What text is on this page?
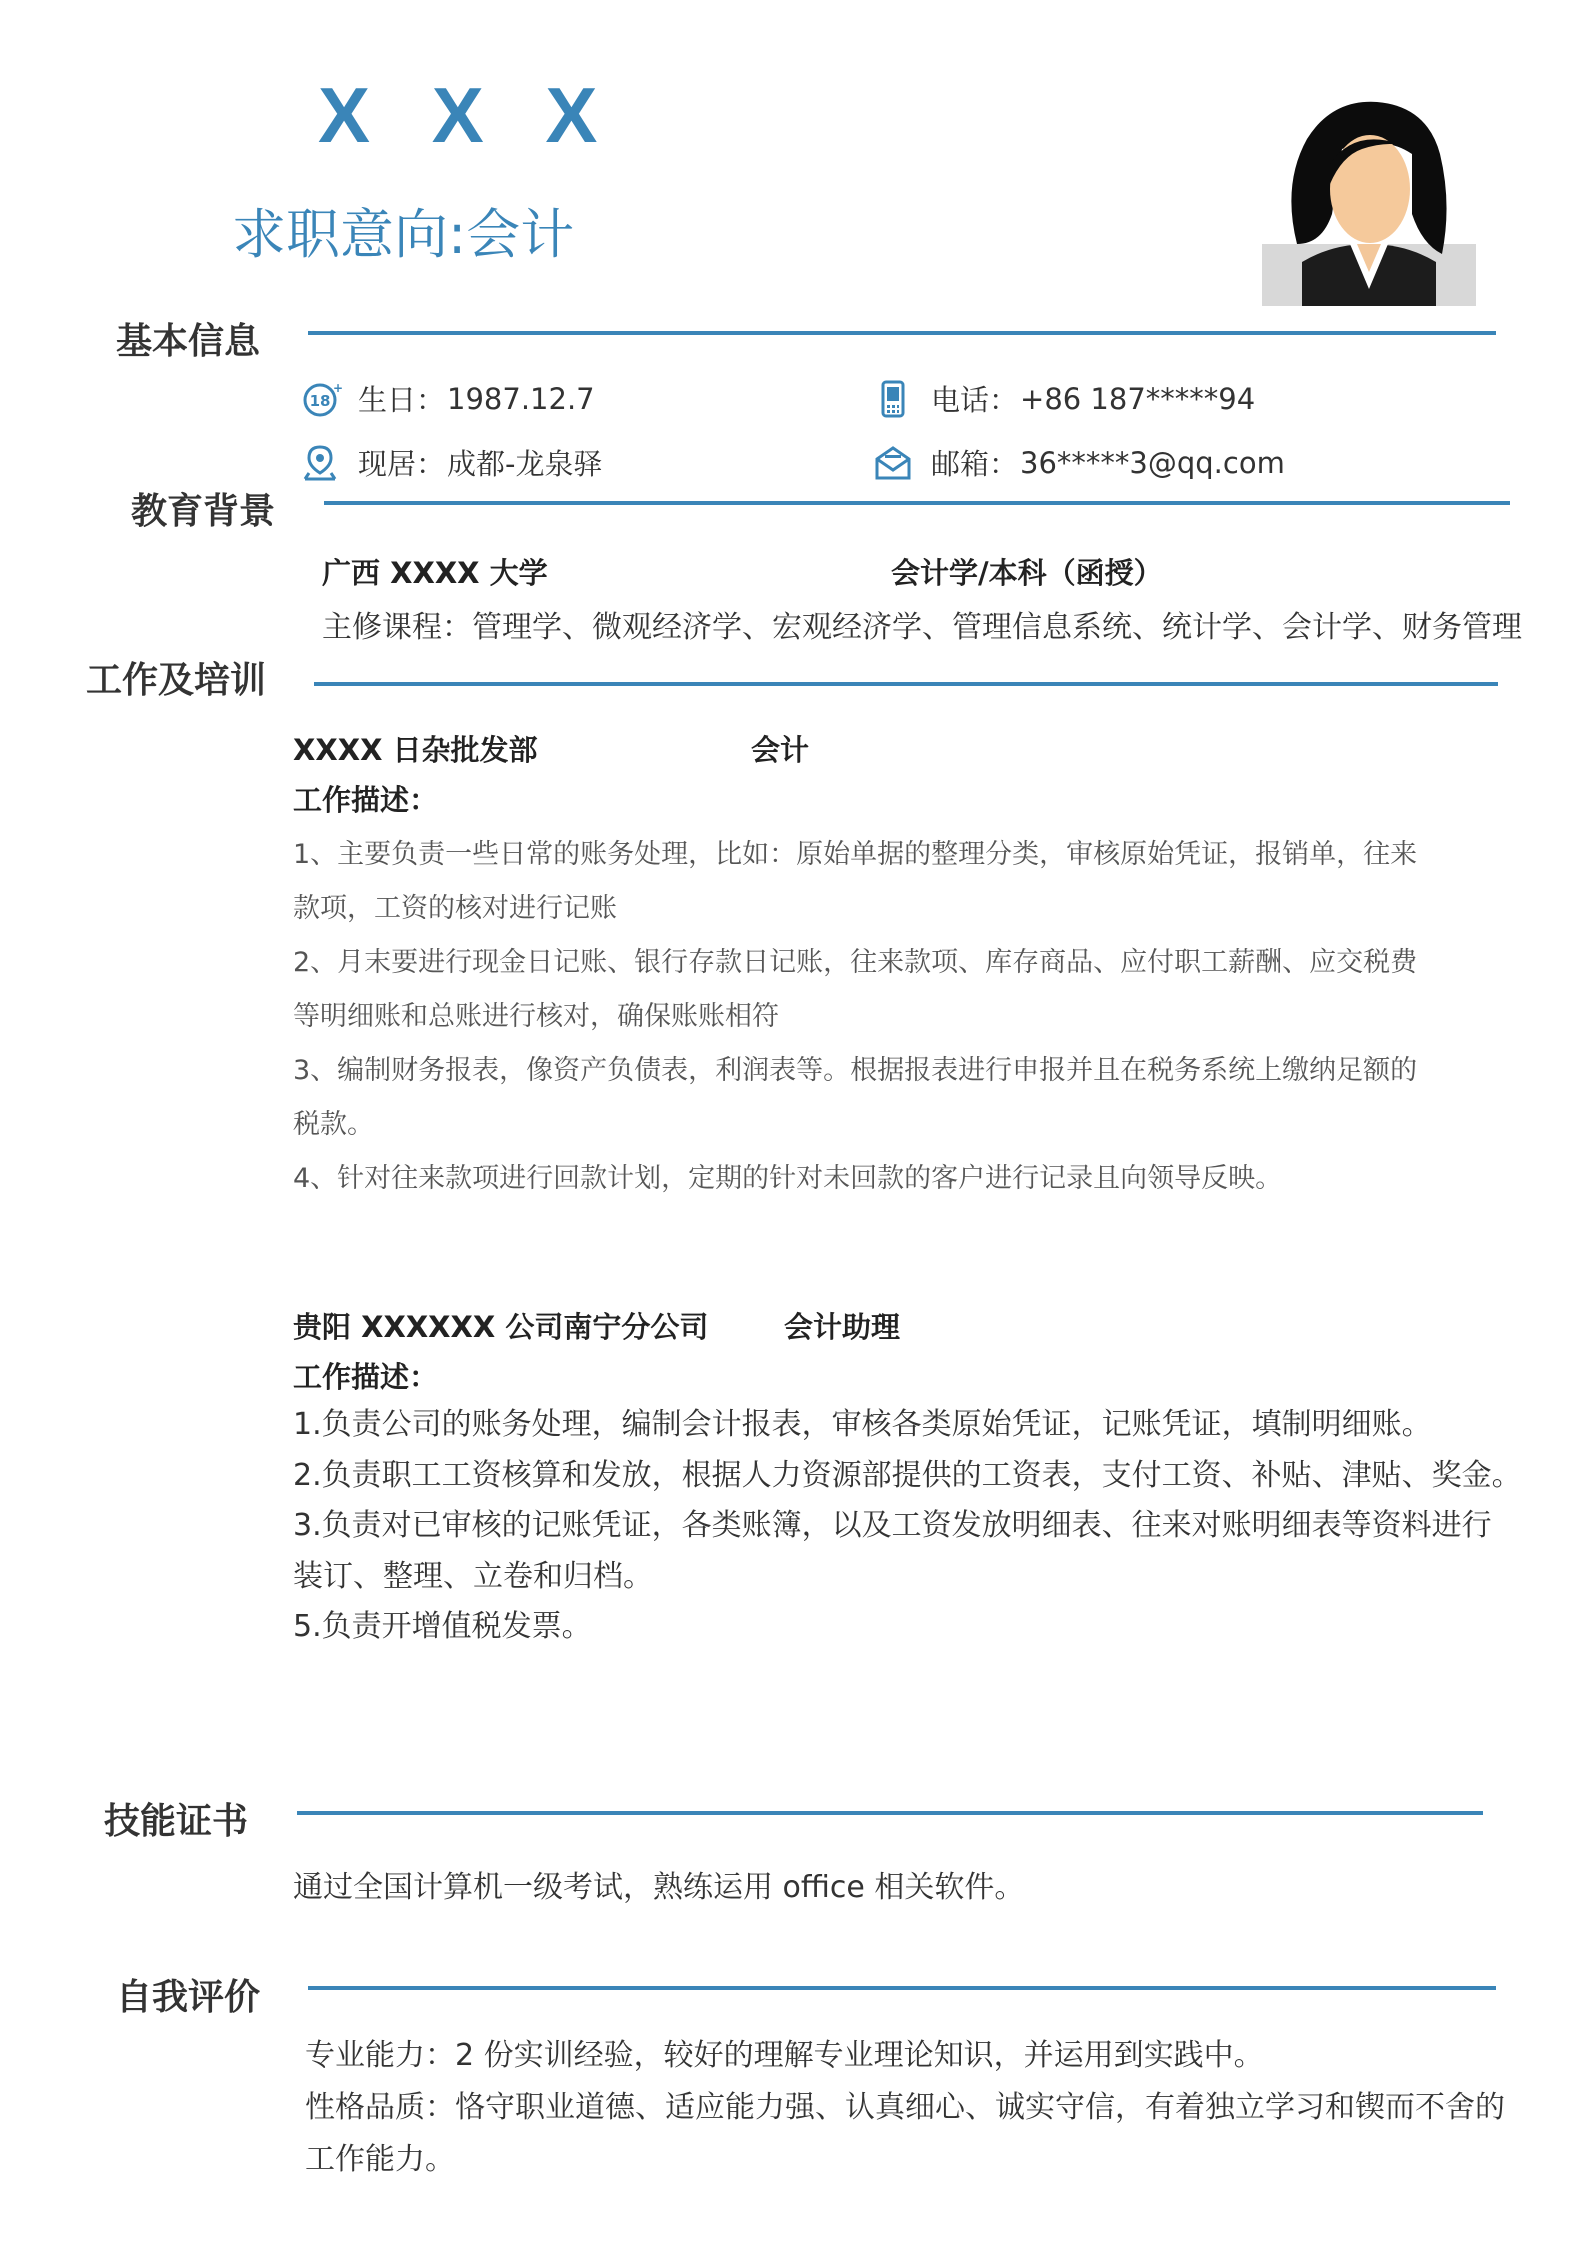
X X X
求职意向:会计
基本信息
18
+ 生日： 1987.12.7	电话： +86 187*****94
现居： 成都-龙泉驿	邮箱： 36*****3@qq.com
教育背景
广西 XXXX 大学	会计学/本科（函授）
主修课程：管理学、微观经济学、宏观经济学、管理信息系统、统计学、会计学、财务管理
工作及培训
XXXX 日杂批发部	会计
工作描述：
1、主要负责一些日常的账务处理，比如：原始单据的整理分类，审核原始凭证，报销单，往来
款项，工资的核对进行记账
2、月末要进行现金日记账、银行存款日记账，往来款项、库存商品、应付职工薪酬、应交税费
等明细账和总账进行核对，确保账账相符
3、编制财务报表，像资产负债表，利润表等。根据报表进行申报并且在税务系统上缴纳足额的
税款。
4、针对往来款项进行回款计划，定期的针对未回款的客户进行记录且向领导反映。
贵阳 XXXXXX 公司南宁分公司	会计助理
工作描述：
1.负责公司的账务处理，编制会计报表，审核各类原始凭证，记账凭证，填制明细账。
2.负责职工工资核算和发放，根据人力资源部提供的工资表，支付工资、补贴、津贴、奖金。
3.负责对已审核的记账凭证，各类账簿，以及工资发放明细表、往来对账明细表等资料进行
装订、整理、立卷和归档。
5.负责开增值税发票。
技能证书
通过全国计算机一级考试，熟练运用 office 相关软件。
自我评价
专业能力：2 份实训经验，较好的理解专业理论知识，并运用到实践中。
性格品质：恪守职业道德、适应能力强、认真细心、诚实守信，有着独立学习和锲而不舍的
工作能力。
